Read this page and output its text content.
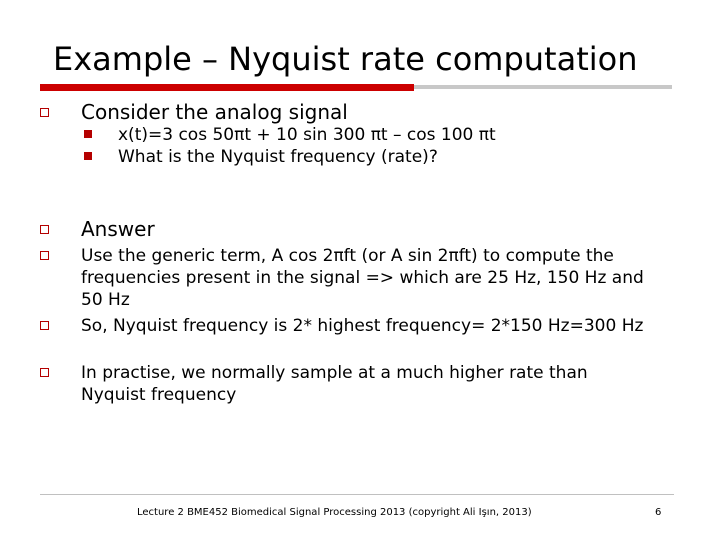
Example – Nyquist rate computation
Consider the analog signal
x(t)=3 cos 50πt + 10 sin 300 πt – cos 100 πt
What is the Nyquist frequency (rate)?
Answer
Use the generic term, A cos 2πft (or A sin 2πft) to compute the frequencies present in the signal => which are 25 Hz, 150 Hz and 50 Hz
So, Nyquist frequency is 2* highest frequency= 2*150 Hz=300 Hz
In practise, we normally sample at a much higher rate than Nyquist frequency
Lecture 2 BME452 Biomedical Signal Processing 2013 (copyright Ali Işın, 2013)	6
